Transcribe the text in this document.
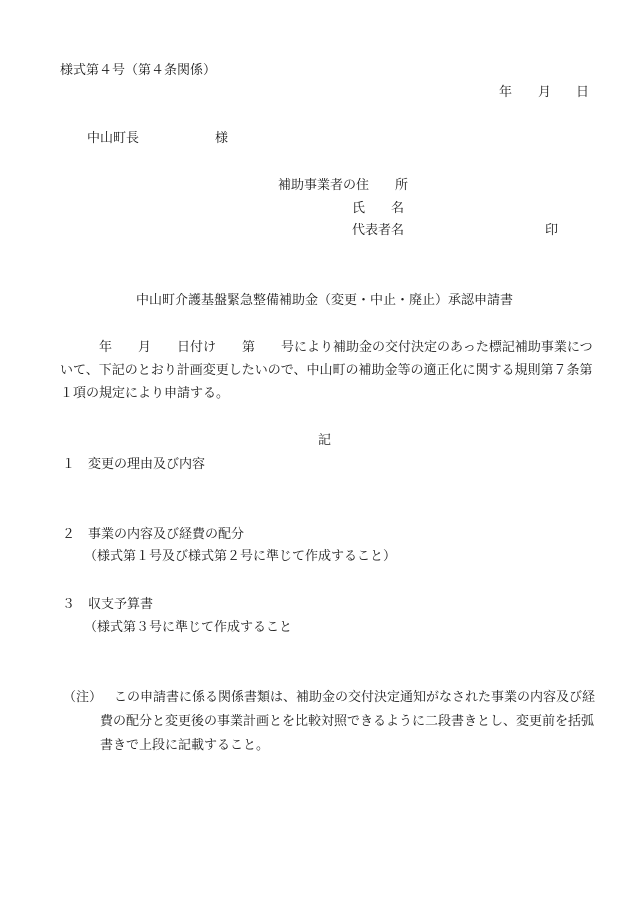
様式第４号（第４条関係）
年 月 日
中山町長	様
補助事業者の住　　所
氏　　名
代表者名	印
中山町介護基盤緊急整備補助金（変更・中止・廃止）承認申請書
年 月 日付け 第 号により補助金の交付決定のあった標記補助事業につ
いて、下記のとおり計画変更したいので、中山町の補助金等の適正化に関する規則第７条第
１項の規定により申請する。
記
１ 変更の理由及び内容
２ 事業の内容及び経費の配分
（様式第１号及び様式第２号に準じて作成すること）
３ 収支予算書
（様式第３号に準じて作成すること
（注） この申請書に係る関係書類は、補助金の交付決定通知がなされた事業の内容及び経
費の配分と変更後の事業計画とを比較対照できるように二段書きとし、変更前を括弧
書きで上段に記載すること。
